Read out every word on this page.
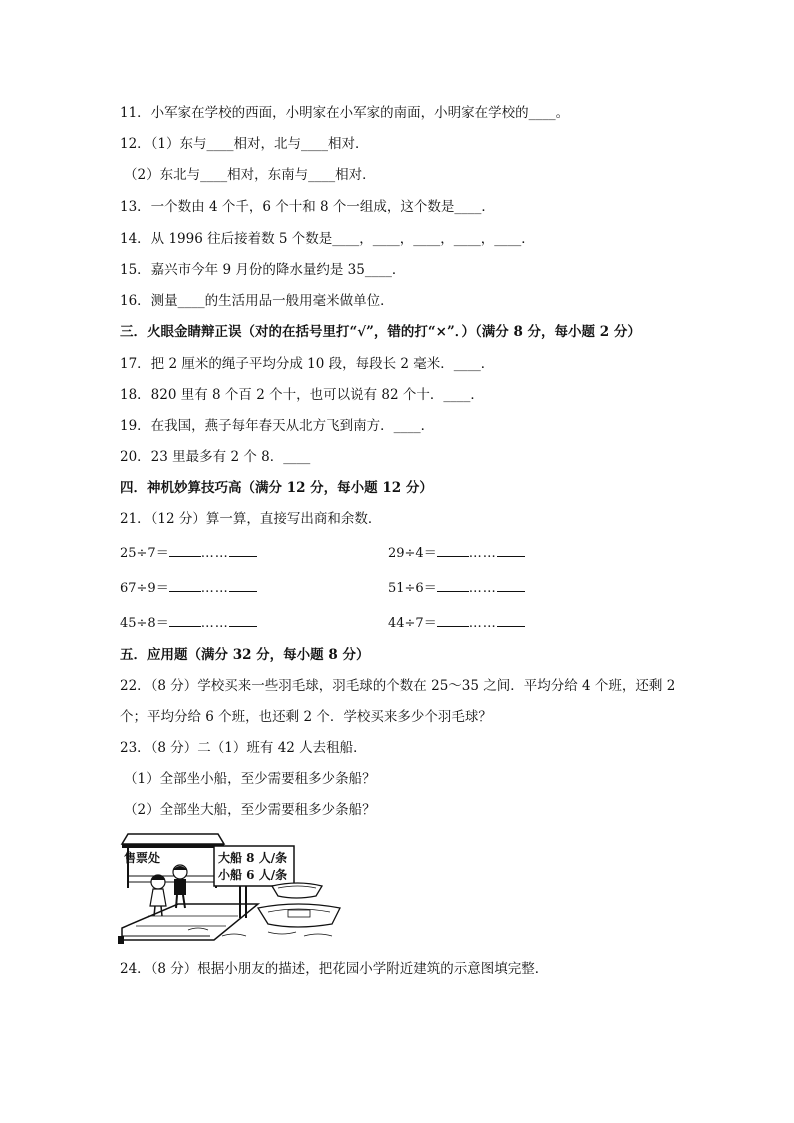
11．小军家在学校的西面，小明家在小军家的南面，小明家在学校的____。
12．（1）东与____相对，北与____相对．
（2）东北与____相对，东南与____相对．
13．一个数由 4 个千，6 个十和 8 个一组成，这个数是____．
14．从 1996 往后接着数 5 个数是____，____，____，____，____．
15．嘉兴市今年 9 月份的降水量约是 35____．
16．测量____的生活用品一般用毫米做单位．
三．火眼金睛辩正误（对的在括号里打“√”，错的打“×”．）（满分 8 分，每小题 2 分）
17．把 2 厘米的绳子平均分成 10 段，每段长 2 毫米．____．
18．820 里有 8 个百 2 个十，也可以说有 82 个十．____．
19．在我国，燕子每年春天从北方飞到南方．____．
20．23 里最多有 2 个 8．____
四．神机妙算技巧高（满分 12 分，每小题 12 分）
21．（12 分）算一算，直接写出商和余数．
25÷7＝ ……	29÷4＝ ……
67÷9＝ ……	51÷6＝ ……
45÷8＝ ……	44÷7＝ ……
五．应用题（满分 32 分，每小题 8 分）
22．（8 分）学校买来一些羽毛球，羽毛球的个数在 25～35 之间．平均分给 4 个班，还剩 2
个；平均分给 6 个班，也还剩 2 个．学校买来多少个羽毛球？
23．（8 分）二（1）班有 42 人去租船．
（1）全部坐小船，至少需要租多少条船？
（2）全部坐大船，至少需要租多少条船？
售票处	大船 8 人/条
小船 6 人/条
24．（8 分）根据小朋友的描述，把花园小学附近建筑的示意图填完整．
